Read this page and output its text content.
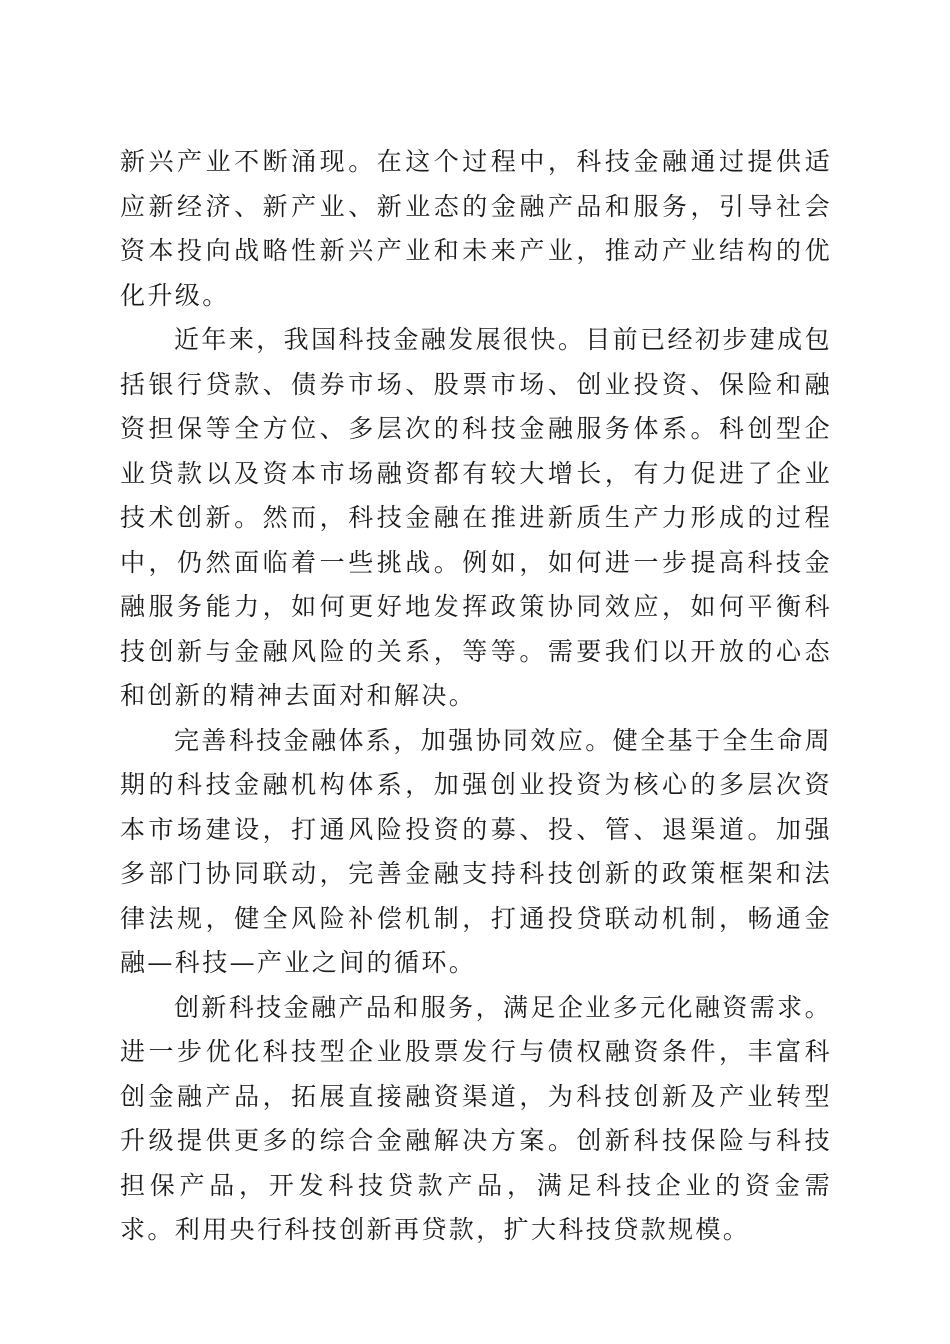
新兴产业不断涌现。在这个过程中，科技金融通过提供适应新经济、新产业、新业态的金融产品和服务，引导社会资本投向战略性新兴产业和未来产业，推动产业结构的优化升级。

近年来，我国科技金融发展很快。目前已经初步建成包括银行贷款、债券市场、股票市场、创业投资、保险和融资担保等全方位、多层次的科技金融服务体系。科创型企业贷款以及资本市场融资都有较大增长，有力促进了企业技术创新。然而，科技金融在推进新质生产力形成的过程中，仍然面临着一些挑战。例如，如何进一步提高科技金融服务能力，如何更好地发挥政策协同效应，如何平衡科技创新与金融风险的关系，等等。需要我们以开放的心态和创新的精神去面对和解决。

完善科技金融体系，加强协同效应。健全基于全生命周期的科技金融机构体系，加强创业投资为核心的多层次资本市场建设，打通风险投资的募、投、管、退渠道。加强多部门协同联动，完善金融支持科技创新的政策框架和法律法规，健全风险补偿机制，打通投贷联动机制，畅通金融—科技—产业之间的循环。

创新科技金融产品和服务，满足企业多元化融资需求。进一步优化科技型企业股票发行与债权融资条件，丰富科创金融产品，拓展直接融资渠道，为科技创新及产业转型升级提供更多的综合金融解决方案。创新科技保险与科技担保产品，开发科技贷款产品，满足科技企业的资金需求。利用央行科技创新再贷款，扩大科技贷款规模。
